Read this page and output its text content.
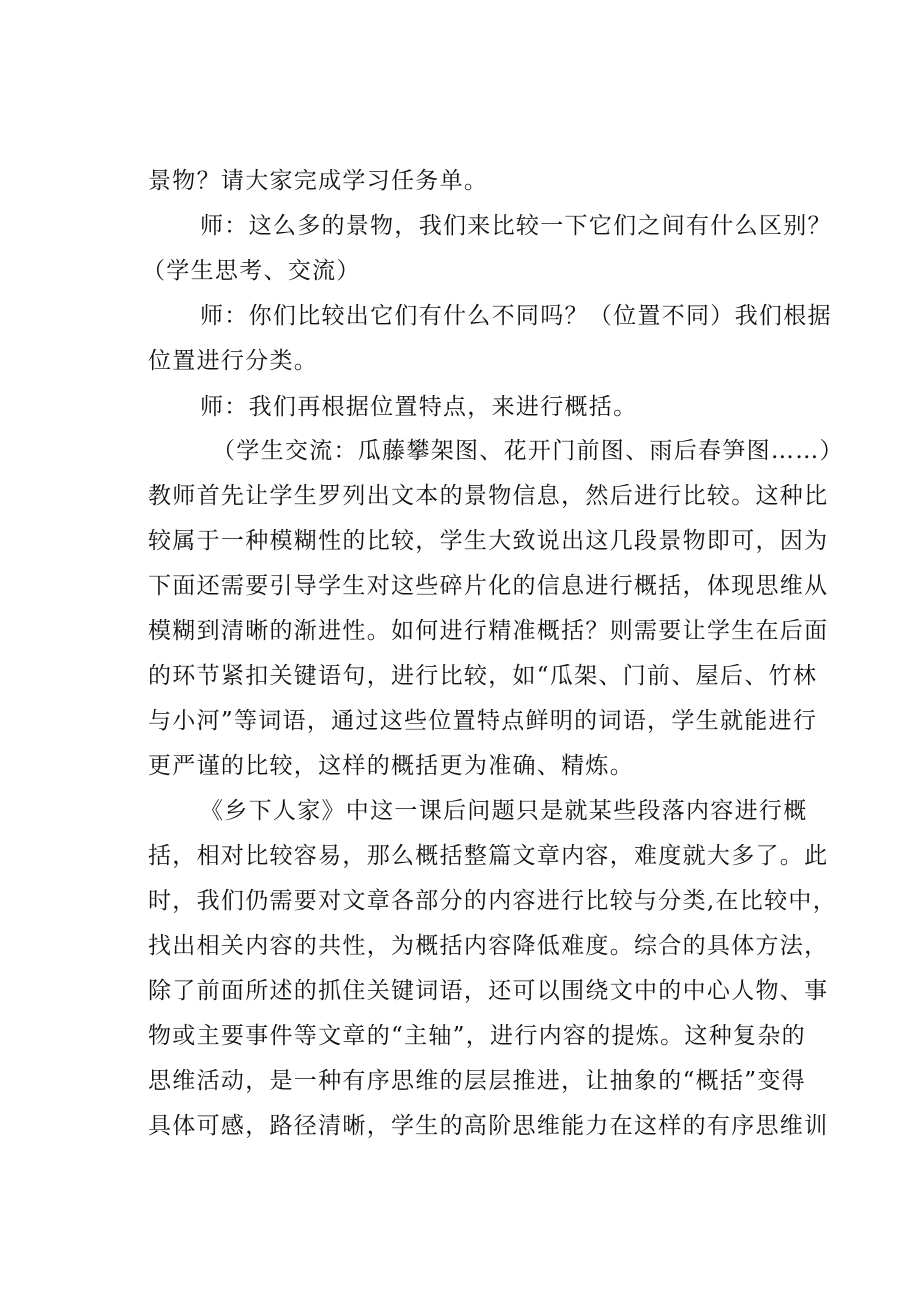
景物？请大家完成学习任务单。
师：这么多的景物，我们来比较一下它们之间有什么区别？
（学生思考、交流）
师：你们比较出它们有什么不同吗？（位置不同）我们根据
位置进行分类。
师：我们再根据位置特点，来进行概括。
（学生交流：瓜藤攀架图、花开门前图、雨后春笋图……）
教师首先让学生罗列出文本的景物信息，然后进行比较。这种比
较属于一种模糊性的比较，学生大致说出这几段景物即可，因为
下面还需要引导学生对这些碎片化的信息进行概括，体现思维从
模糊到清晰的渐进性。如何进行精准概括？则需要让学生在后面
的环节紧扣关键语句，进行比较，如“瓜架、门前、屋后、竹林
与小河”等词语，通过这些位置特点鲜明的词语，学生就能进行
更严谨的比较，这样的概括更为准确、精炼。
《乡下人家》中这一课后问题只是就某些段落内容进行概
括，相对比较容易，那么概括整篇文章内容，难度就大多了。此
时，我们仍需要对文章各部分的内容进行比较与分类,在比较中，
找出相关内容的共性，为概括内容降低难度。综合的具体方法，
除了前面所述的抓住关键词语，还可以围绕文中的中心人物、事
物或主要事件等文章的“主轴”，进行内容的提炼。这种复杂的
思维活动，是一种有序思维的层层推进，让抽象的“概括”变得
具体可感，路径清晰，学生的高阶思维能力在这样的有序思维训
